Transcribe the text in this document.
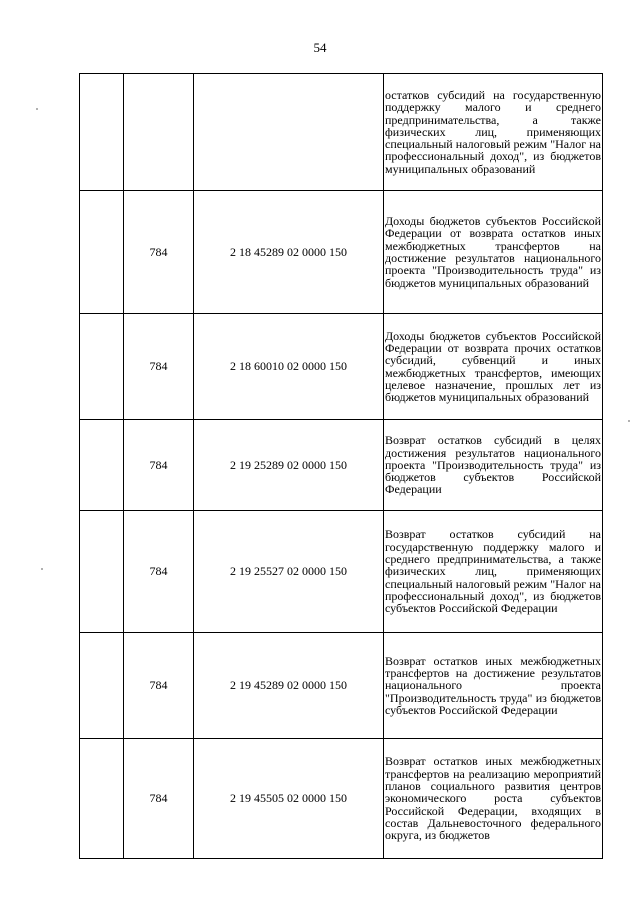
54

			остатков субсидий на государственную поддержку малого и среднего предпринимательства, а также физических лиц, применяющих специальный налоговый режим "Налог на профессиональный доход", из бюджетов муниципальных образований

	784	2 18 45289 02 0000 150	Доходы бюджетов субъектов Российской Федерации от возврата остатков иных межбюджетных трансфертов на достижение результатов национального проекта "Производительность труда" из бюджетов муниципальных образований

	784	2 18 60010 02 0000 150	Доходы бюджетов субъектов Российской Федерации от возврата прочих остатков субсидий, субвенций и иных межбюджетных трансфертов, имеющих целевое назначение, прошлых лет из бюджетов муниципальных образований

	784	2 19 25289 02 0000 150	Возврат остатков субсидий в целях достижения результатов национального проекта "Производительность труда" из бюджетов субъектов Российской Федерации

	784	2 19 25527 02 0000 150	Возврат остатков субсидий на государственную поддержку малого и среднего предпринимательства, а также физических лиц, применяющих специальный налоговый режим "Налог на профессиональный доход", из бюджетов субъектов Российской Федерации

	784	2 19 45289 02 0000 150	Возврат остатков иных межбюджетных трансфертов на достижение результатов национального проекта "Производительность труда" из бюджетов субъектов Российской Федерации

	784	2 19 45505 02 0000 150	Возврат остатков иных межбюджетных трансфертов на реализацию мероприятий планов социального развития центров экономического роста субъектов Российской Федерации, входящих в состав Дальневосточного федерального округа, из бюджетов
